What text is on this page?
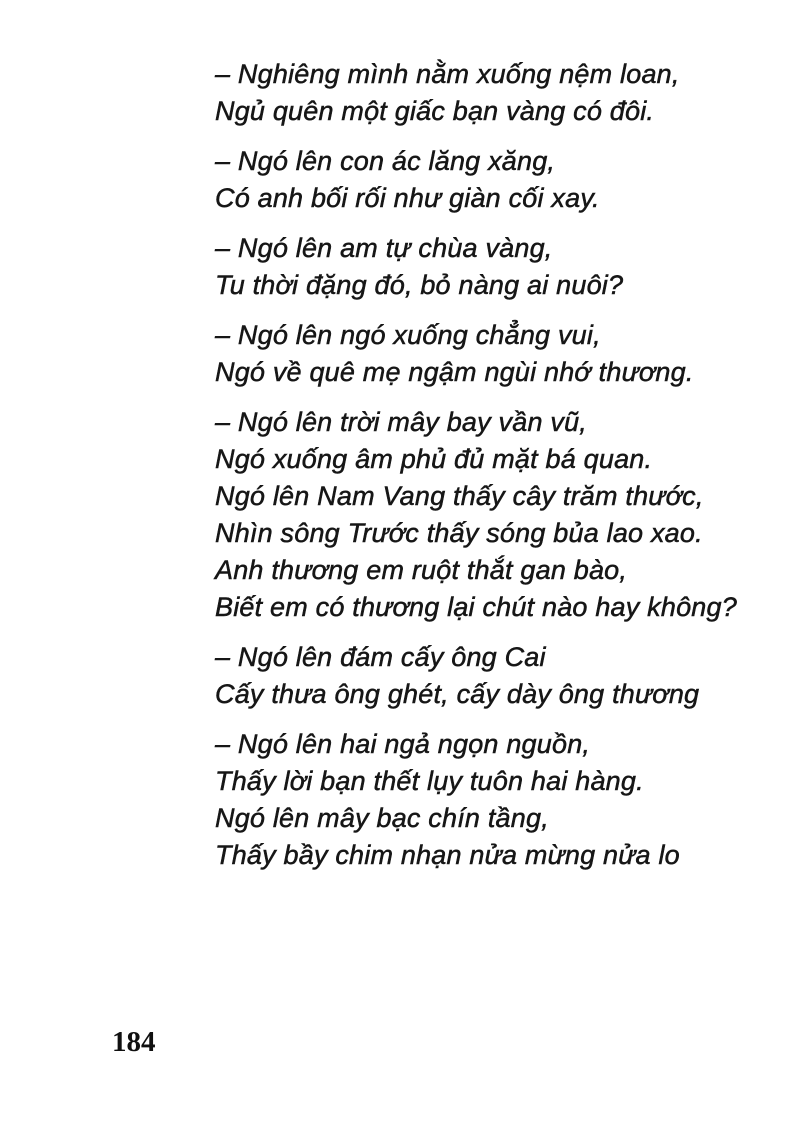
– Nghiêng mình nằm xuống nệm loan,

Ngủ quên một giấc bạn vàng có đôi.

– Ngó lên con ác lăng xăng,

Có anh bối rối như giàn cối xay.

– Ngó lên am tự chùa vàng,

Tu thời đặng đó, bỏ nàng ai nuôi?

– Ngó lên ngó xuống chẳng vui,

Ngó về quê mẹ ngậm ngùi nhớ thương.

– Ngó lên trời mây bay vần vũ,

Ngó xuống âm phủ đủ mặt bá quan.

Ngó lên Nam Vang thấy cây trăm thước,

Nhìn sông Trước thấy sóng bủa lao xao.

Anh thương em ruột thắt gan bào,

Biết em có thương lại chút nào hay không?

– Ngó lên đám cấy ông Cai

Cấy thưa ông ghét, cấy dày ông thương

– Ngó lên hai ngả ngọn nguồn,

Thấy lời bạn thết lụy tuôn hai hàng.

Ngó lên mây bạc chín tầng,

Thấy bầy chim nhạn nửa mừng nửa lo

184
